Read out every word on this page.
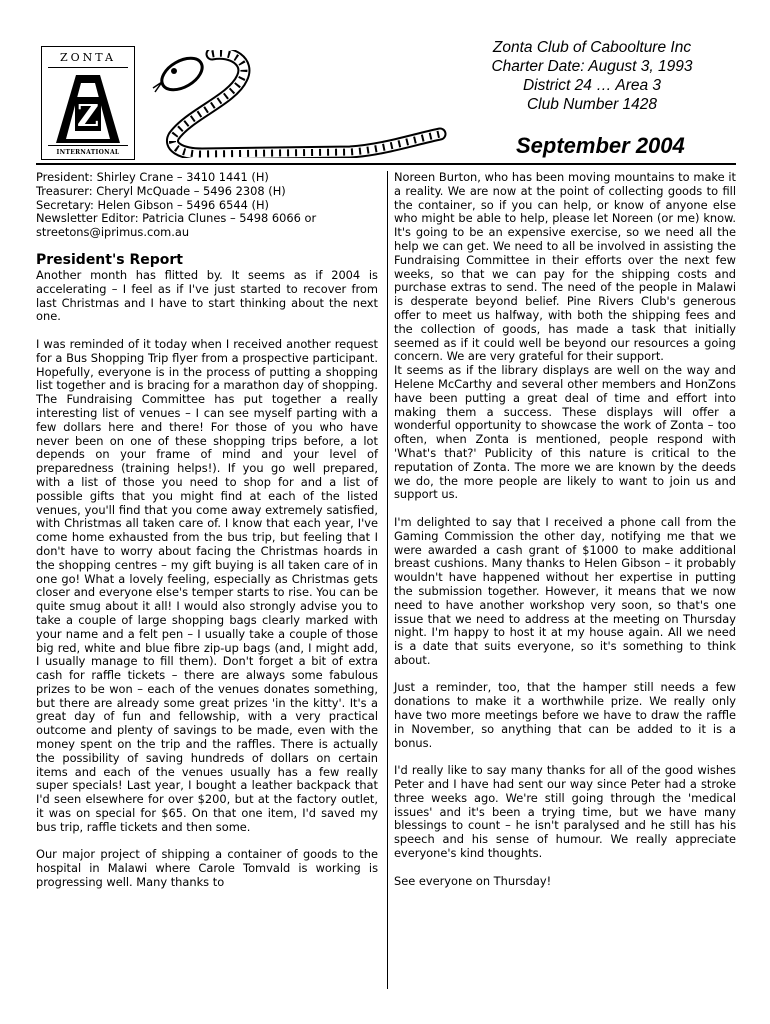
ZONTA
Z
INTERNATIONAL
Zonta Club of Caboolture Inc
Charter Date: August 3, 1993
District 24 … Area 3
Club Number 1428
September 2004
President: Shirley Crane – 3410 1441 (H)
Treasurer: Cheryl McQuade – 5496 2308 (H)
Secretary: Helen Gibson – 5496 6544 (H)
Newsletter Editor: Patricia Clunes – 5498 6066 or
streetons@iprimus.com.au
President's Report

Another month has flitted by. It seems as if 2004 is accelerating – I feel as if I've just started to recover from last Christmas and I have to start thinking about the next one.

I was reminded of it today when I received another request for a Bus Shopping Trip flyer from a prospective participant. Hopefully, everyone is in the process of putting a shopping list together and is bracing for a marathon day of shopping. The Fundraising Committee has put together a really interesting list of venues – I can see myself parting with a few dollars here and there! For those of you who have never been on one of these shopping trips before, a lot depends on your frame of mind and your level of preparedness (training helps!). If you go well prepared, with a list of those you need to shop for and a list of possible gifts that you might find at each of the listed venues, you'll find that you come away extremely satisfied, with Christmas all taken care of. I know that each year, I've come home exhausted from the bus trip, but feeling that I don't have to worry about facing the Christmas hoards in the shopping centres – my gift buying is all taken care of in one go! What a lovely feeling, especially as Christmas gets closer and everyone else's temper starts to rise. You can be quite smug about it all! I would also strongly advise you to take a couple of large shopping bags clearly marked with your name and a felt pen – I usually take a couple of those big red, white and blue fibre zip-up bags (and, I might add, I usually manage to fill them). Don't forget a bit of extra cash for raffle tickets – there are always some fabulous prizes to be won – each of the venues donates something, but there are already some great prizes 'in the kitty'. It's a great day of fun and fellowship, with a very practical outcome and plenty of savings to be made, even with the money spent on the trip and the raffles. There is actually the possibility of saving hundreds of dollars on certain items and each of the venues usually has a few really super specials! Last year, I bought a leather backpack that I'd seen elsewhere for over $200, but at the factory outlet, it was on special for $65. On that one item, I'd saved my bus trip, raffle tickets and then some.

Our major project of shipping a container of goods to the hospital in Malawi where Carole Tomvald is working is progressing well. Many thanks to

Noreen Burton, who has been moving mountains to make it a reality. We are now at the point of collecting goods to fill the container, so if you can help, or know of anyone else who might be able to help, please let Noreen (or me) know. It's going to be an expensive exercise, so we need all the help we can get. We need to all be involved in assisting the Fundraising Committee in their efforts over the next few weeks, so that we can pay for the shipping costs and purchase extras to send. The need of the people in Malawi is desperate beyond belief. Pine Rivers Club's generous offer to meet us halfway, with both the shipping fees and the collection of goods, has made a task that initially seemed as if it could well be beyond our resources a going concern. We are very grateful for their support.

It seems as if the library displays are well on the way and Helene McCarthy and several other members and HonZons have been putting a great deal of time and effort into making them a success. These displays will offer a wonderful opportunity to showcase the work of Zonta – too often, when Zonta is mentioned, people respond with 'What's that?' Publicity of this nature is critical to the reputation of Zonta. The more we are known by the deeds we do, the more people are likely to want to join us and support us.

I'm delighted to say that I received a phone call from the Gaming Commission the other day, notifying me that we were awarded a cash grant of $1000 to make additional breast cushions. Many thanks to Helen Gibson – it probably wouldn't have happened without her expertise in putting the submission together. However, it means that we now need to have another workshop very soon, so that's one issue that we need to address at the meeting on Thursday night. I'm happy to host it at my house again. All we need is a date that suits everyone, so it's something to think about.

Just a reminder, too, that the hamper still needs a few donations to make it a worthwhile prize. We really only have two more meetings before we have to draw the raffle in November, so anything that can be added to it is a bonus.

I'd really like to say many thanks for all of the good wishes Peter and I have had sent our way since Peter had a stroke three weeks ago. We're still going through the 'medical issues' and it's been a trying time, but we have many blessings to count – he isn't paralysed and he still has his speech and his sense of humour. We really appreciate everyone's kind thoughts.

See everyone on Thursday!
